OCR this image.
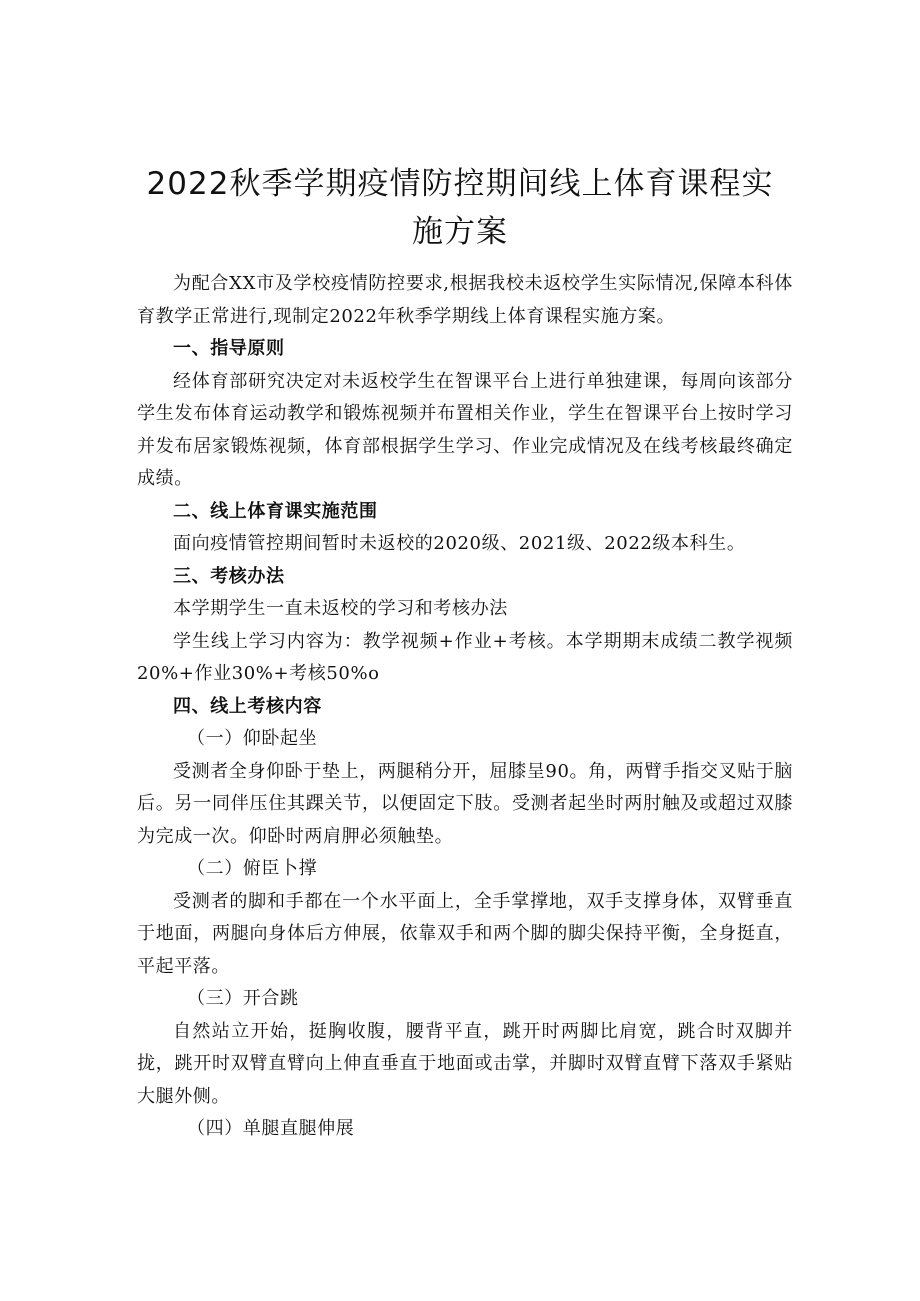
2022秋季学期疫情防控期间线上体育课程实
施方案

为配合XX市及学校疫情防控要求,根据我校未返校学生实际情况,保障本科体育教学正常进行,现制定2022年秋季学期线上体育课程实施方案。

一、指导原则

经体育部研究决定对未返校学生在智课平台上进行单独建课，每周向该部分学生发布体育运动教学和锻炼视频并布置相关作业，学生在智课平台上按时学习并发布居家锻炼视频，体育部根据学生学习、作业完成情况及在线考核最终确定成绩。

二、线上体育课实施范围

面向疫情管控期间暂时未返校的2020级、2021级、2022级本科生。

三、考核办法

本学期学生一直未返校的学习和考核办法

学生线上学习内容为：教学视频+作业+考核。本学期期末成绩二教学视频20%+作业30%+考核50%o

四、线上考核内容

（一）仰卧起坐

受测者全身仰卧于垫上，两腿稍分开，屈膝呈90。角，两臂手指交叉贴于脑后。另一同伴压住其踝关节，以便固定下肢。受测者起坐时两肘触及或超过双膝为完成一次。仰卧时两肩胛必须触垫。

（二）俯臣卜撑

受测者的脚和手都在一个水平面上，全手掌撑地，双手支撑身体，双臂垂直于地面，两腿向身体后方伸展，依靠双手和两个脚的脚尖保持平衡，全身挺直，平起平落。

（三）开合跳

自然站立开始，挺胸收腹，腰背平直，跳开时两脚比肩宽，跳合时双脚并拢，跳开时双臂直臂向上伸直垂直于地面或击掌，并脚时双臂直臂下落双手紧贴大腿外侧。

（四）单腿直腿伸展
